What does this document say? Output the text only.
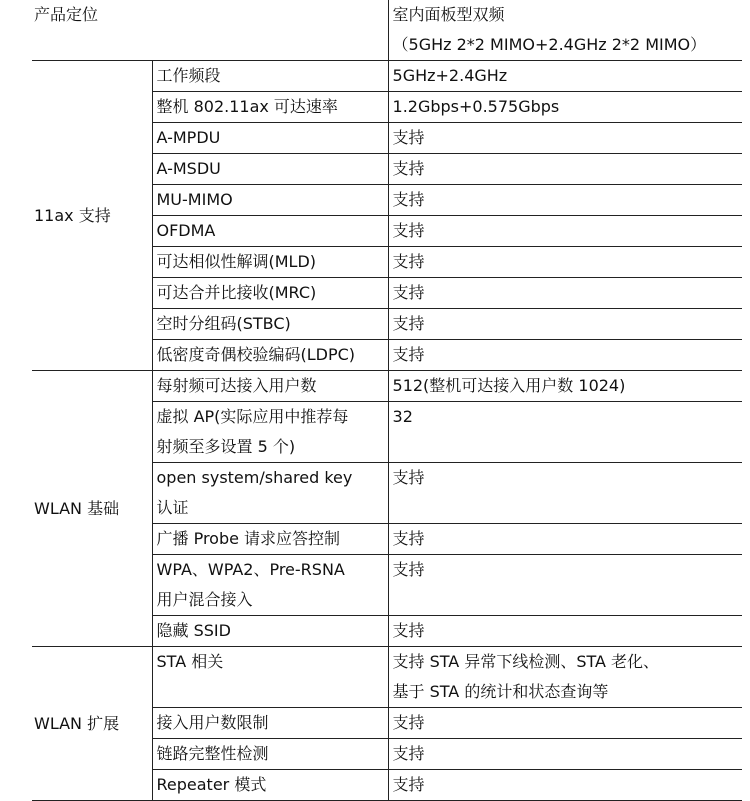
产品定位		室内面板型双频
（5GHz 2*2 MIMO+2.4GHz 2*2 MIMO）

11ax 支持	工作频段	5GHz+2.4GHz
	整机 802.11ax 可达速率	1.2Gbps+0.575Gbps
	A-MPDU	支持
	A-MSDU	支持
	MU-MIMO	支持
	OFDMA	支持
	可达相似性解调(MLD)	支持
	可达合并比接收(MRC)	支持
	空时分组码(STBC)	支持
	低密度奇偶校验编码(LDPC)	支持
WLAN 基础	每射频可达接入用户数	512(整机可达接入用户数 1024)

	虚拟 AP(实际应用中推荐每
射频至多设置 5 个)	32

	open system/shared key
认证	支持
	广播 Probe 请求应答控制	支持

	WPA、WPA2、Pre-RSNA
用户混合接入	支持
	隐藏 SSID	支持
WLAN 扩展	STA 相关	支持 STA 异常下线检测、STA 老化、
基于 STA 的统计和状态查询等

	接入用户数限制	支持
	链路完整性检测	支持
	Repeater 模式	支持
